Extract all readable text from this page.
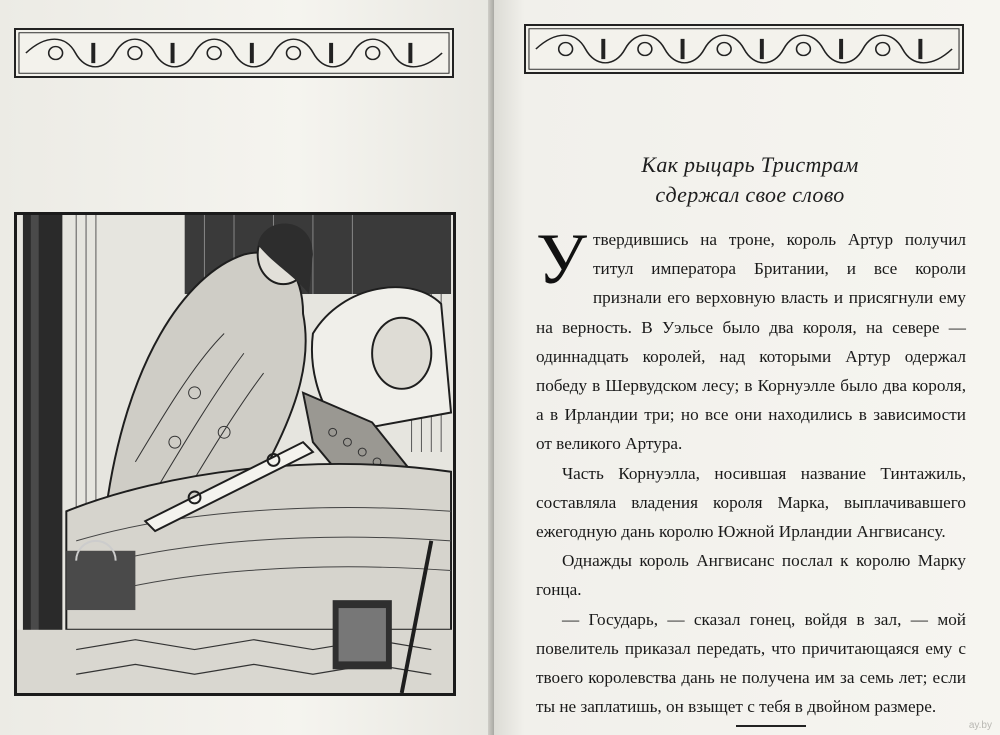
Как рыцарь Тристрам
сдержал свое слово

Утвердившись на троне, король Артур получил титул императора Британии, и все короли признали его верховную власть и присягнули ему на верность. В Уэльсе было два короля, на севере — одиннадцать королей, над которыми Артур одержал победу в Шервудском лесу; в Корнуэлле было два короля, а в Ирландии три; но все они находились в зависимости от великого Артура.

Часть Корнуэлла, носившая название Тинтажиль, составляла владения короля Марка, выплачивавшего ежегодную дань королю Южной Ирландии Ангвисансу.

Однажды король Ангвисанс послал к королю Марку гонца.

— Государь, — сказал гонец, войдя в зал, — мой повелитель приказал передать, что причитающаяся ему с твоего королевства дань не получена им за семь лет; если ты не заплатишь, он взыщет с тебя в двойном размере.

ay.by
